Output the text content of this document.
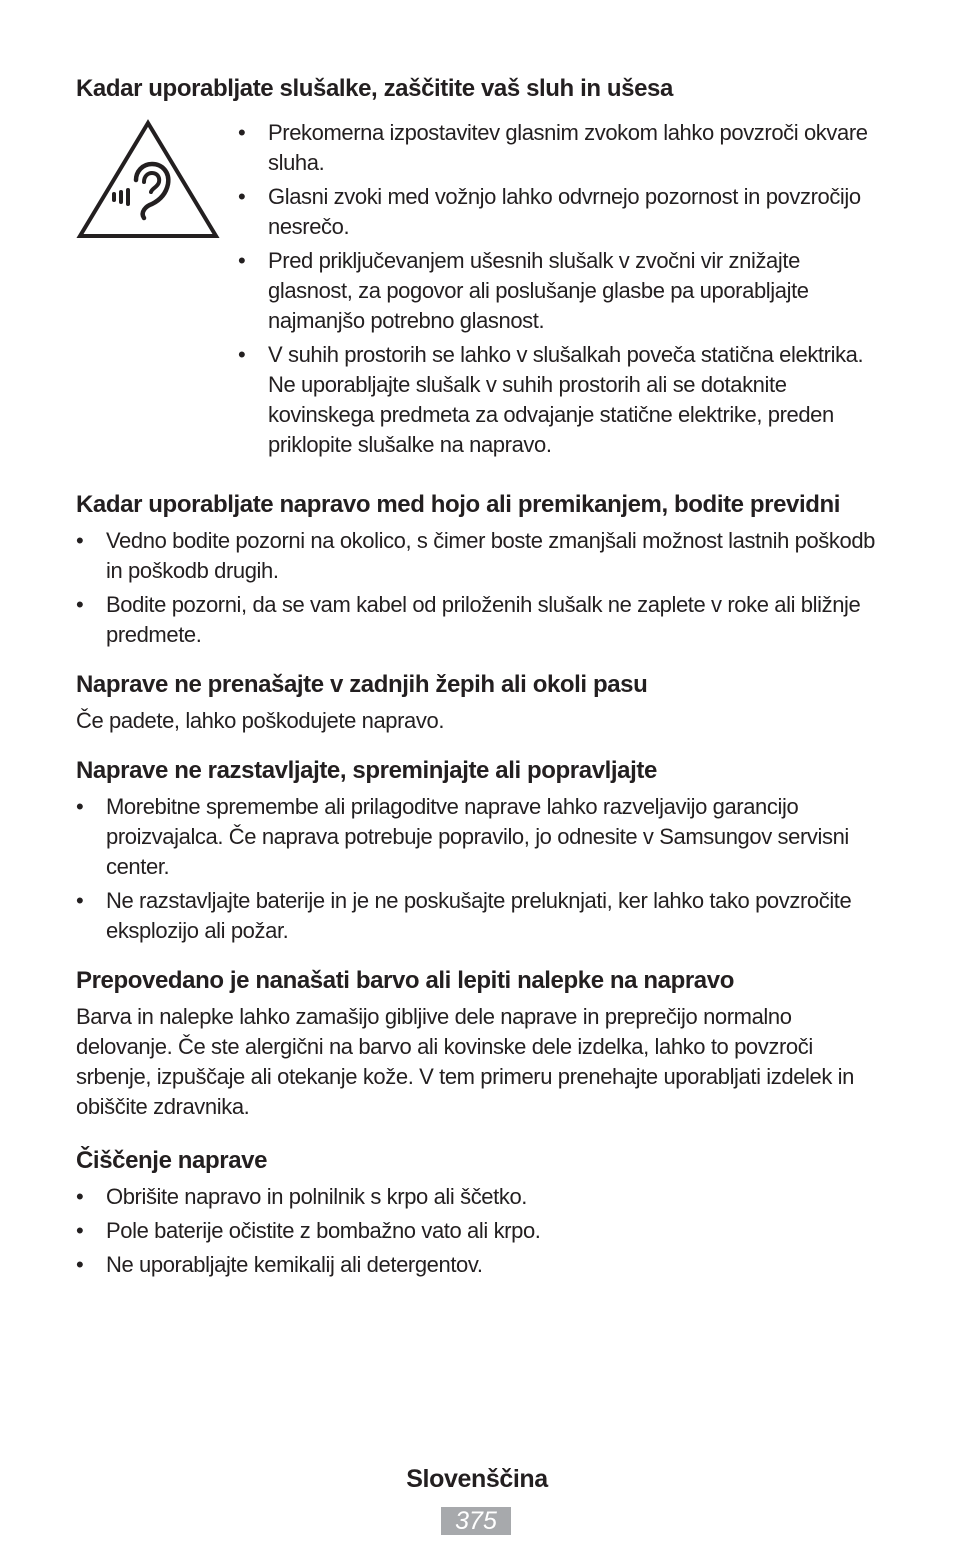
Kadar uporabljate slušalke, zaščitite vaš sluh in ušesa
• Prekomerna izpostavitev glasnim zvokom lahko povzroči okvare sluha.
• Glasni zvoki med vožnjo lahko odvrnejo pozornost in povzročijo nesrečo.
• Pred priključevanjem ušesnih slušalk v zvočni vir znižajte glasnost, za pogovor ali poslušanje glasbe pa uporabljajte najmanjšo potrebno glasnost.
• V suhih prostorih se lahko v slušalkah poveča statična elektrika. Ne uporabljajte slušalk v suhih prostorih ali se dotaknite kovinskega predmeta za odvajanje statične elektrike, preden priklopite slušalke na napravo.
Kadar uporabljate napravo med hojo ali premikanjem, bodite previdni
• Vedno bodite pozorni na okolico, s čimer boste zmanjšali možnost lastnih poškodb in poškodb drugih.
• Bodite pozorni, da se vam kabel od priloženih slušalk ne zaplete v roke ali bližnje predmete.
Naprave ne prenašajte v zadnjih žepih ali okoli pasu

Če padete, lahko poškodujete napravo.

Naprave ne razstavljajte, spreminjajte ali popravljajte
• Morebitne spremembe ali prilagoditve naprave lahko razveljavijo garancijo proizvajalca. Če naprava potrebuje popravilo, jo odnesite v Samsungov servisni center.
• Ne razstavljajte baterije in je ne poskušajte preluknjati, ker lahko tako povzročite eksplozijo ali požar.
Prepovedano je nanašati barvo ali lepiti nalepke na napravo

Barva in nalepke lahko zamašijo gibljive dele naprave in preprečijo normalno delovanje. Če ste alergični na barvo ali kovinske dele izdelka, lahko to povzroči srbenje, izpuščaje ali otekanje kože. V tem primeru prenehajte uporabljati izdelek in obiščite zdravnika.

Čiščenje naprave
• Obrišite napravo in polnilnik s krpo ali ščetko.
• Pole baterije očistite z bombažno vato ali krpo.
• Ne uporabljajte kemikalij ali detergentov.
Slovenščina
375
